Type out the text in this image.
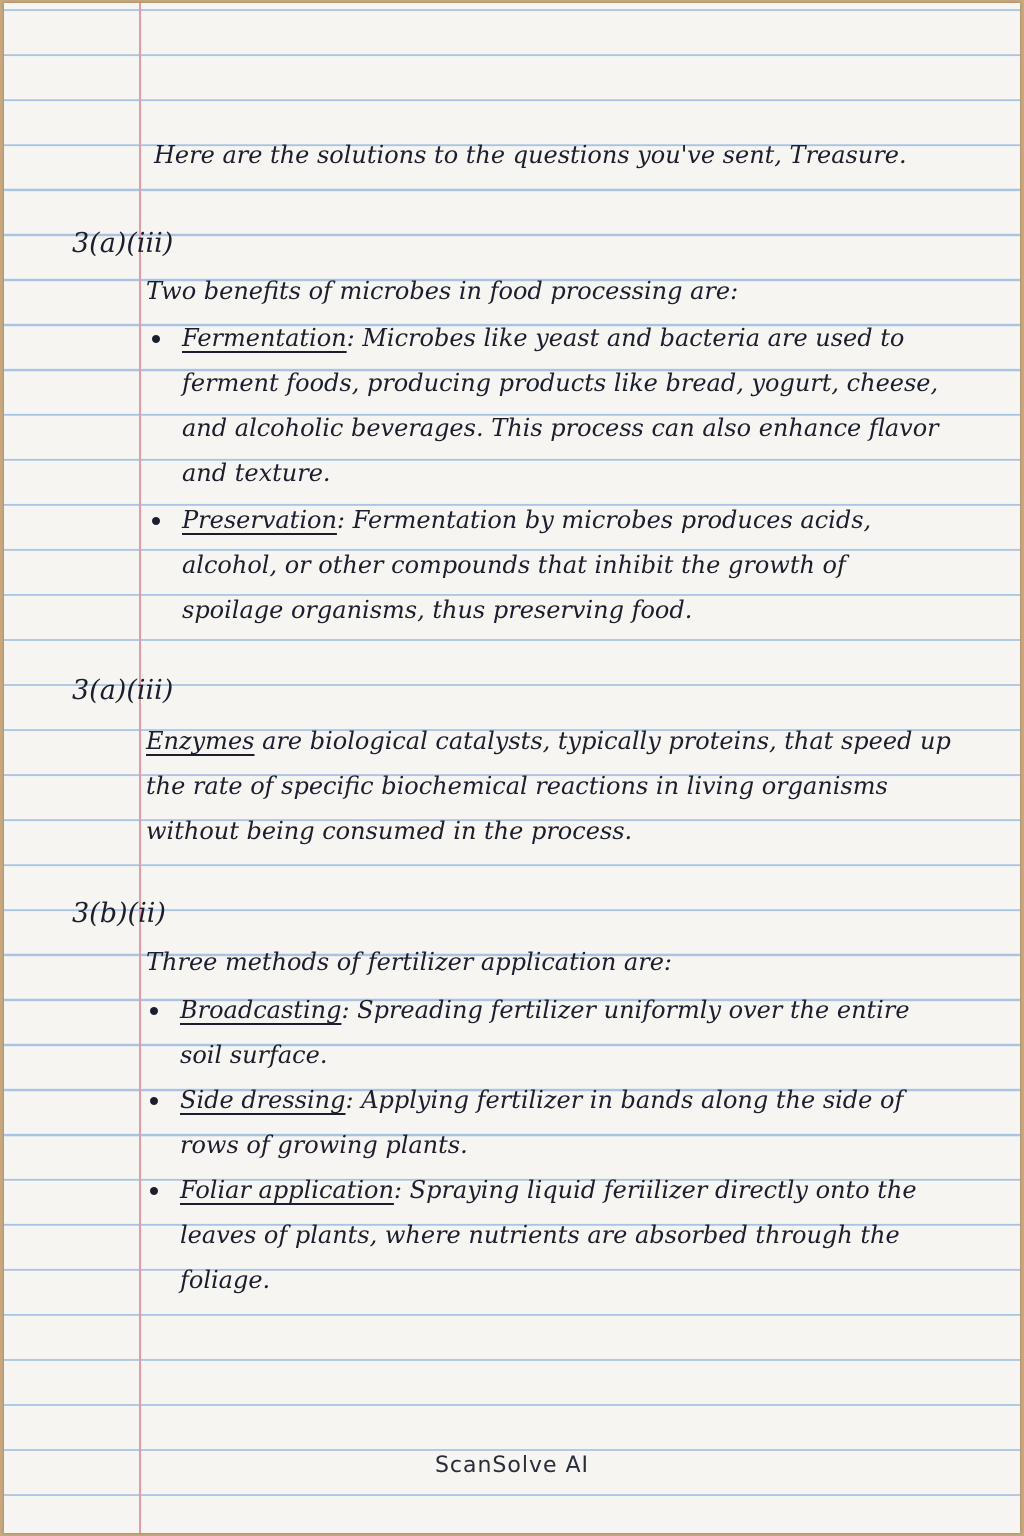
Here are the solutions to the questions you've sent, Treasure.
3(a)(iii)
Two benefits of microbes in food processing are:
Fermentation: Microbes like yeast and bacteria are used to ferment foods, producing products like bread, yogurt, cheese, and alcoholic beverages. This process can also enhance flavor and texture.
Preservation: Fermentation by microbes produces acids, alcohol, or other compounds that inhibit the growth of spoilage organisms, thus preserving food.
3(a)(iii)

Enzymes are biological catalysts, typically proteins, that speed up the rate of specific biochemical reactions in living organisms without being consumed in the process.

3(b)(ii)
Three methods of fertilizer application are:
Broadcasting: Spreading fertilizer uniformly over the entire soil surface.
Side dressing: Applying fertilizer in bands along the side of rows of growing plants.
Foliar application: Spraying liquid feriilizer directly onto the leaves of plants, where nutrients are absorbed through the foliage.
ScanSolve AI
